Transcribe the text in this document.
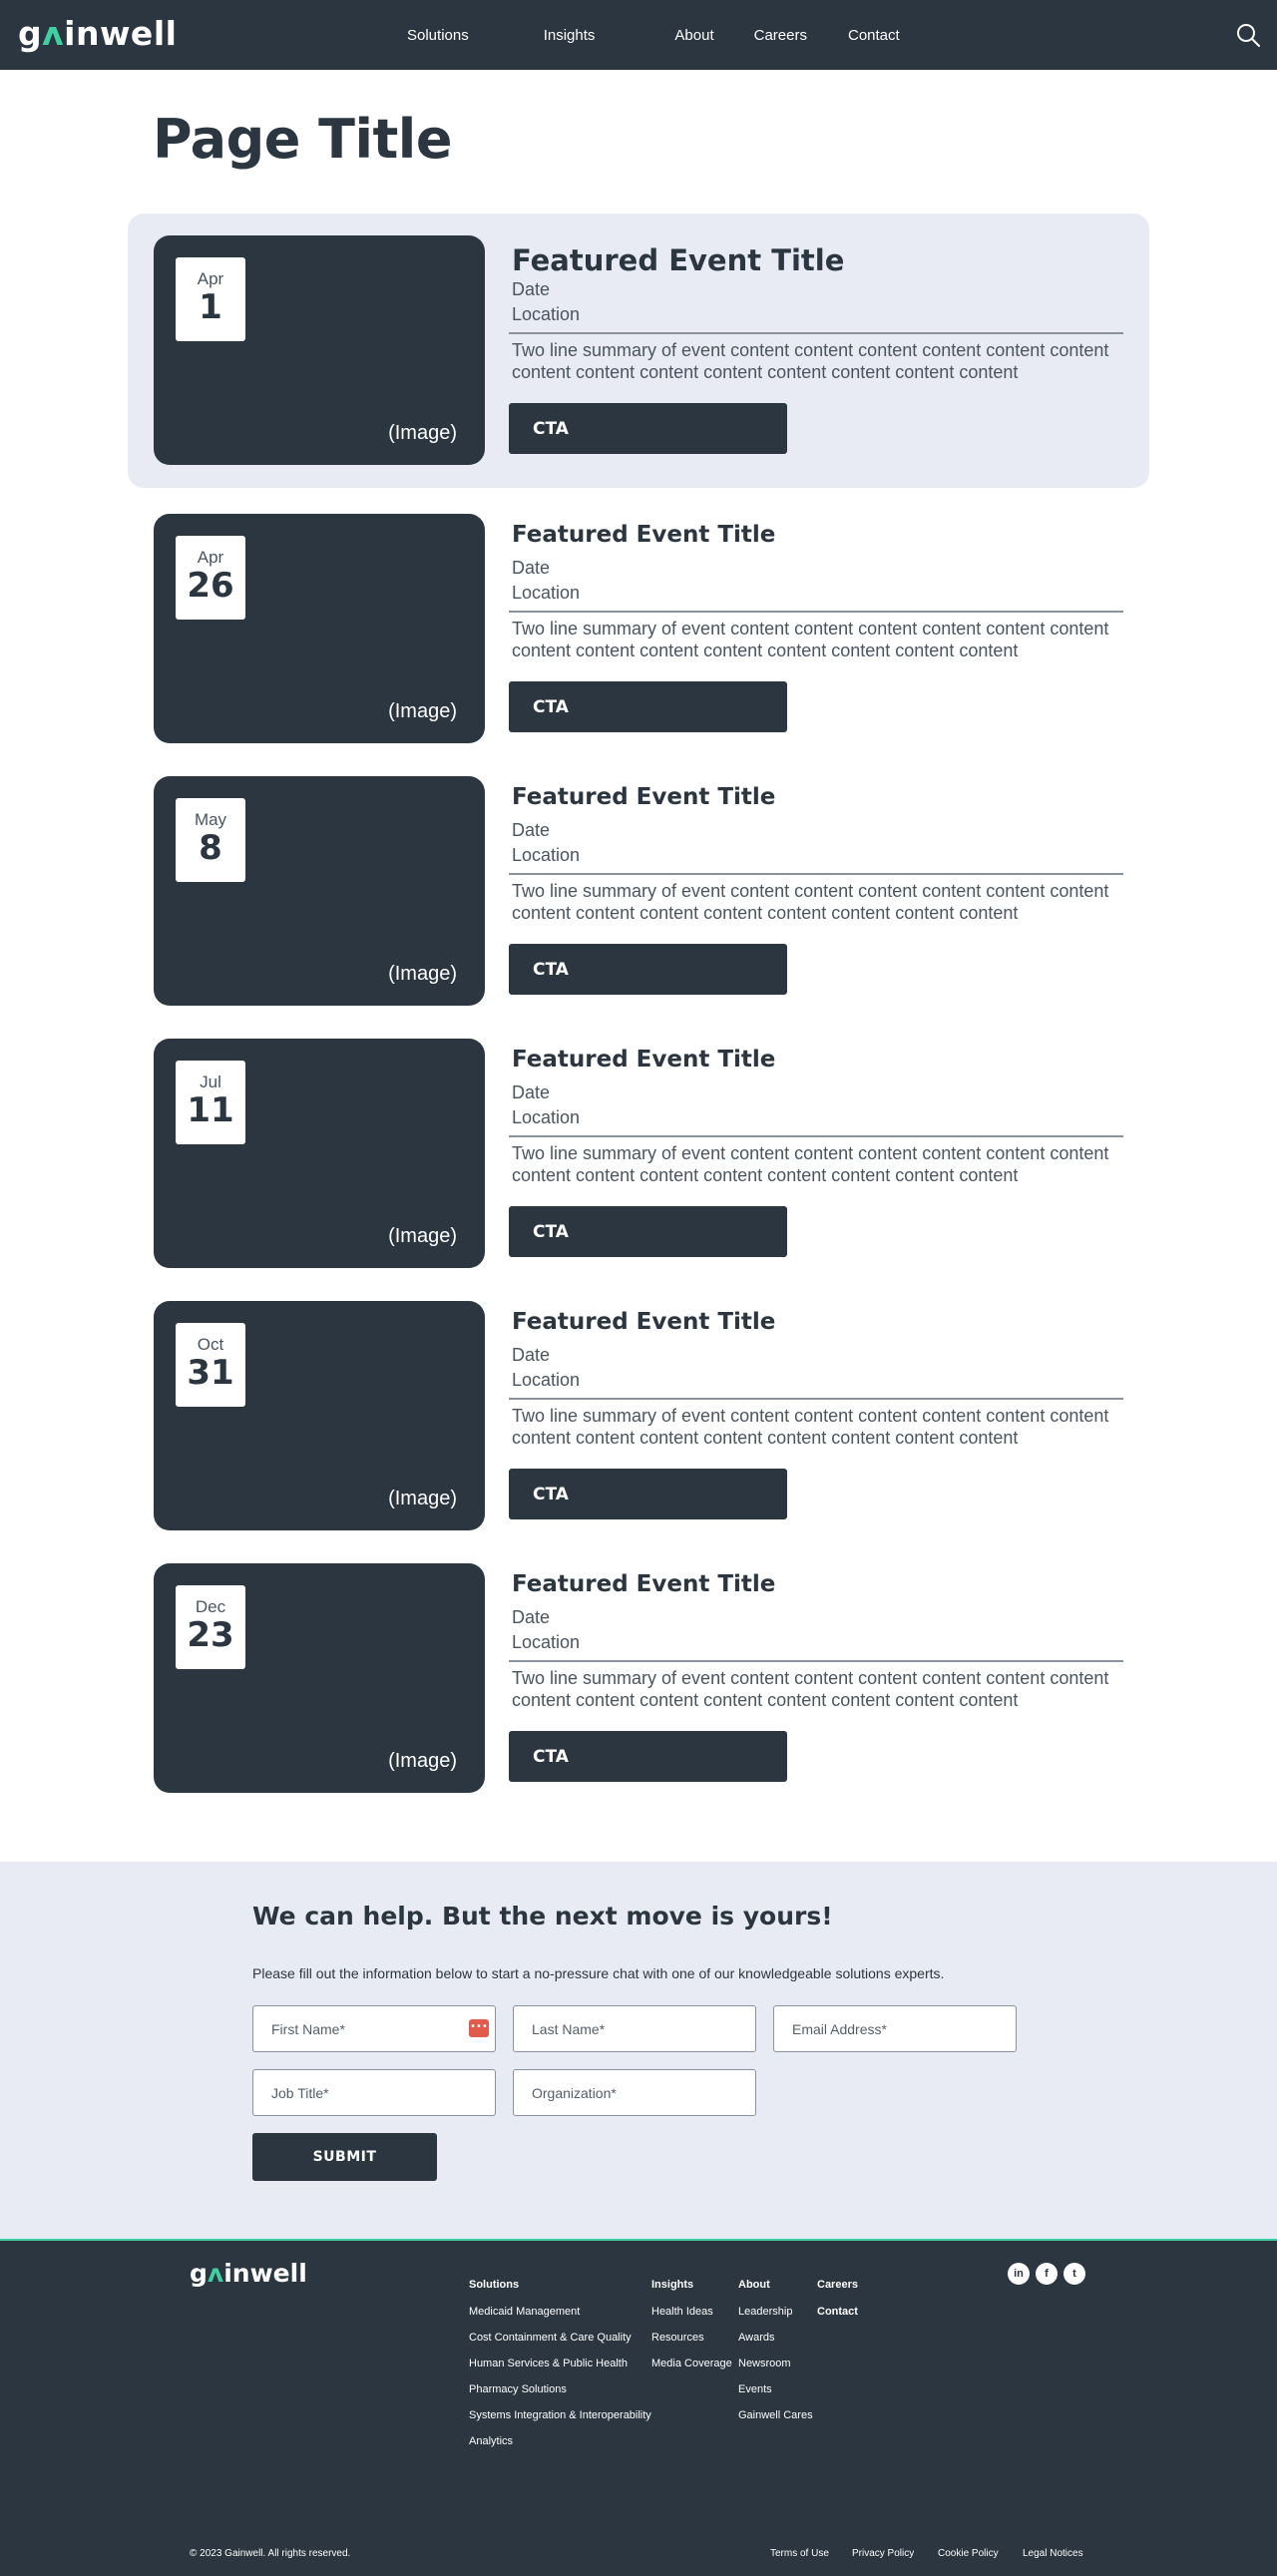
g ʌ inwell	Solutions	Insights	About	Careers	Contact
Page Title
Apr
1
(Image)
Featured Event Title
Date
Location
Two line summary of event content content content content content content content content content content content content content content
CTA
Apr
26
(Image)
Featured Event Title
Date
Location
Two line summary of event content content content content content content content content content content content content content content
CTA
May
8
(Image)
Featured Event Title
Date
Location
Two line summary of event content content content content content content content content content content content content content content
CTA
Jul
11
(Image)
Featured Event Title
Date
Location
Two line summary of event content content content content content content content content content content content content content content
CTA
Oct
31
(Image)
Featured Event Title
Date
Location
Two line summary of event content content content content content content content content content content content content content content
CTA
Dec
23
(Image)
Featured Event Title
Date
Location
Two line summary of event content content content content content content content content content content content content content content
CTA
We can help. But the next move is yours!

Please fill out the information below to start a no-pressure chat with one of our knowledgeable solutions experts.

First Name*
•••
Last Name*
Email Address*
Job Title*
Organization*
SUBMIT
gʌinwell	Solutions
Medicaid Management
Cost Containment & Care Quality
Human Services & Public Health
Pharmacy Solutions
Systems Integration & Interoperability
Analytics
Insights
Health Ideas
Resources
Media Coverage
About
Leadership
Awards
Newsroom
Events
Gainwell Cares
Careers
Contact
in	f	t
© 2023 Gainwell. All rights reserved.	Terms of Use Privacy Policy Cookie Policy Legal Notices
